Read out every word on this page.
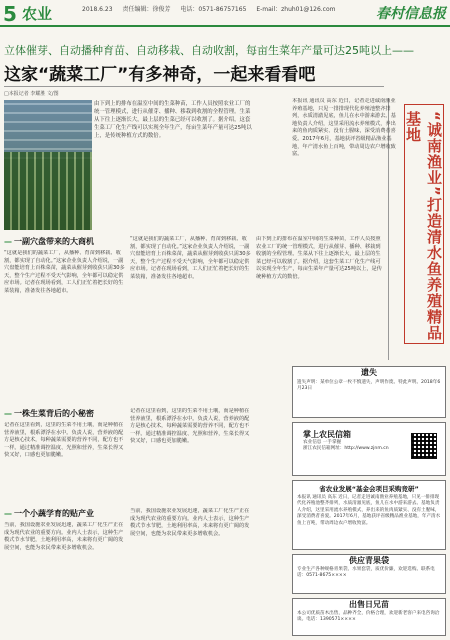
5 农业	2018.6.23 责任编辑：徐俊芳 电话：0571-86757165 E-mail：zhuh01@126.com	春村信息报
立体催芽、自动播种育苗、自动移栽、自动收割，每亩生菜年产量可达25吨以上——
这家“蔬菜工厂”有多神奇，一起来看看吧
□本报记者 李耀胜 文/图
由下到上的排布在温室中间的生菜种苗，工作人员按照农业工厂的统一管理模式，进行从催芽、播种、移栽到收割的全程管理。生菜从下往上逐渐长大，最上层的生菜已经可以收割了。据介绍，这套生菜工厂化生产线可以实现全年生产，每亩生菜年产量可达25吨以上，是传统种植方式的数倍。
— 一副穴盘带来的大商机
“这就是我们的蔬菜工厂，从播种、育苗到移栽、收割，都实现了自动化。”这家企业负责人介绍说，一副穴盘能培育上百株菜苗，蔬菜从催芽到收获只需30多天，整个生产过程不受天气影响，全年都可以稳定供应市场。记者在现场看到，工人们正忙着把长好的生菜装箱，准备发往各地超市。
“这就是我们的蔬菜工厂，从播种、育苗到移栽、收割，都实现了自动化。”这家企业负责人介绍说，一副穴盘能培育上百株菜苗，蔬菜从催芽到收获只需30多天，整个生产过程不受天气影响，全年都可以稳定供应市场。记者在现场看到，工人们正忙着把长好的生菜装箱，准备发往各地超市。
— 一株生菜背后的小秘密
记者在这里看到，这里的生菜不用土壤，而是种植在营养液里，根系漂浮在水中。负责人说，营养液的配方是核心技术，每种蔬菜需要的营养不同，配方也不一样。通过精准调控温度、光照和营养，生菜长得又快又好，口感也更加脆嫩。
记者在这里看到，这里的生菜不用土壤，而是种植在营养液里，根系漂浮在水中。负责人说，营养液的配方是核心技术，每种蔬菜需要的营养不同，配方也不一样。通过精准调控温度、光照和营养，生菜长得又快又好，口感也更加脆嫩。
— 一个小蔬学育的贴产业
当前，我国设施农业发展迅速，蔬菜工厂化生产正在成为现代农业的重要方向。业内人士表示，这种生产模式节水节肥，土地利用率高，未来将有更广阔的发展空间，也能为农民带来更多增收机会。
当前，我国设施农业发展迅速，蔬菜工厂化生产正在成为现代农业的重要方向。业内人士表示，这种生产模式节水节肥，土地利用率高，未来将有更广阔的发展空间，也能为农民带来更多增收机会。
由下到上的排布在温室中间的生菜种苗，工作人员按照农业工厂的统一管理模式，进行从催芽、播种、移栽到收割的全程管理。生菜从下往上逐渐长大，最上层的生菜已经可以收割了。据介绍，这套生菜工厂化生产线可以实现全年生产，每亩生菜年产量可达25吨以上，是传统种植方式的数倍。
本报讯 通讯员 高东 近日，记者走进诚南渔业养殖基地，只见一排排现代化养殖池整齐排列，水质清澈见底，鱼儿在水中游来游去。基地负责人介绍，这里采用流水养殖模式，养出来的鱼肉质紧实、没有土腥味，深受消费者喜爱。2017年6月，基地获评省级精品渔业基地，年产清水鱼上百吨，带动周边农户增收致富。	“诚南渔业”打造清水鱼养殖精品基地
遗失
遗失声明：某单位公章一枚不慎遗失，声明作废。特此声明。2018年6月23日
掌上农民信箱
农业信息 一手掌握
浙江农民信箱网址：http://www.zjnm.cn
省农业发展“基金会项目采购竞研”
本报讯 通讯员 高东 近日，记者走进诚南渔业养殖基地，只见一排排现代化养殖池整齐排列，水质清澈见底，鱼儿在水中游来游去。基地负责人介绍，这里采用流水养殖模式，养出来的鱼肉质紧实、没有土腥味，深受消费者喜爱。2017年6月，基地获评省级精品渔业基地，年产清水鱼上百吨，带动周边农户增收致富。
供应青果袋
专业生产各种规格青果袋、水果套袋，质优价廉，欢迎选购。联系电话：0571-8675××××
出售日兄苗
本公司优质苗木出售，品种齐全，价格合理，欢迎新老客户来电咨询洽谈。电话：1390571××××
